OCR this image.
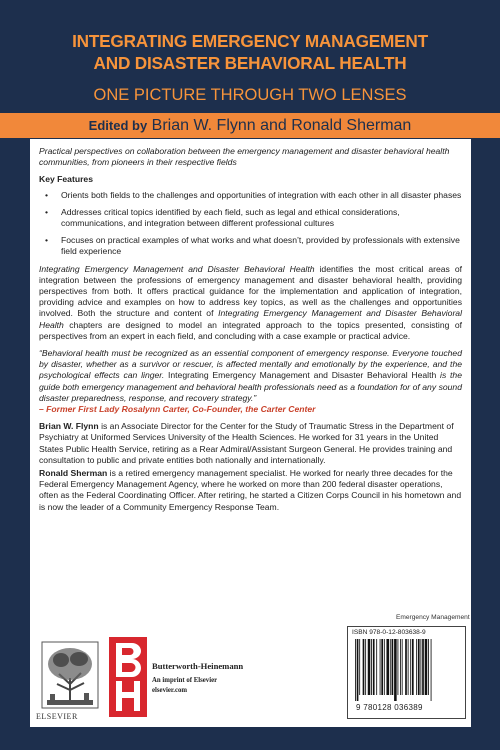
INTEGRATING EMERGENCY MANAGEMENT
AND DISASTER BEHAVIORAL HEALTH
ONE PICTURE THROUGH TWO LENSES
Edited by Brian W. Flynn and Ronald Sherman

Practical perspectives on collaboration between the emergency management and disaster behavioral health communities, from pioneers in their respective fields

Key Features
• Orients both fields to the challenges and opportunities of integration with each other in all disaster phases
• Addresses critical topics identified by each field, such as legal and ethical considerations, communications, and integration between different professional cultures
• Focuses on practical examples of what works and what doesn’t, provided by professionals with extensive field experience

Integrating Emergency Management and Disaster Behavioral Health identifies the most critical areas of integration between the professions of emergency management and disaster behavioral health, providing perspectives from both. It offers practical guidance for the implementation and application of integration, providing advice and examples on how to address key topics, as well as the challenges and opportunities involved. Both the structure and content of Integrating Emergency Management and Disaster Behavioral Health chapters are designed to model an integrated approach to the topics presented, consisting of perspectives from an expert in each field, and concluding with a case example or practical advice.

“Behavioral health must be recognized as an essential component of emergency response. Everyone touched by disaster, whether as a survivor or rescuer, is affected mentally and emotionally by the experience, and the psychological effects can linger. Integrating Emergency Management and Disaster Behavioral Health is the guide both emergency management and behavioral health professionals need as a foundation for of any sound disaster preparedness, response, and recovery strategy.”
– Former First Lady Rosalynn Carter, Co-Founder, the Carter Center

Brian W. Flynn is an Associate Director for the Center for the Study of Traumatic Stress in the Department of Psychiatry at Uniformed Services University of the Health Sciences. He worked for 31 years in the United States Public Health Service, retiring as a Rear Admiral/Assistant Surgeon General. He provides training and consultation to public and private entities both nationally and internationally.

Ronald Sherman is a retired emergency management specialist. He worked for nearly three decades for the Federal Emergency Management Agency, where he worked on more than 200 federal disaster operations, often as the Federal Coordinating Officer. After retiring, he started a Citizen Corps Council in his hometown and is now the leader of a Community Emergency Response Team.

Emergency Management
ELSEVIER
Butterworth-Heinemann
An imprint of Elsevier
elsevier.com
ISBN 978-0-12-803638-9
9 780128 036389
